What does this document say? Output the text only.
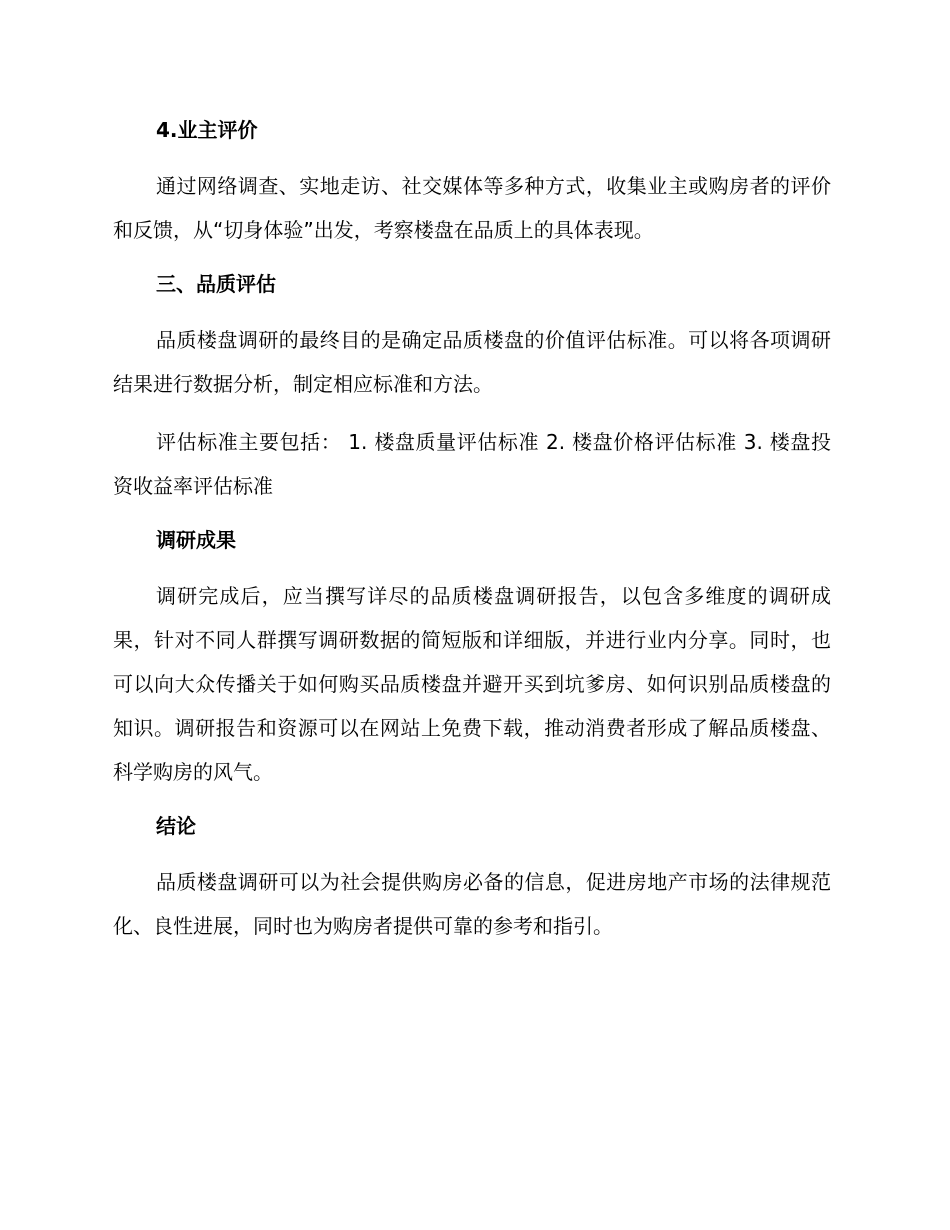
4.业主评价

通过网络调查、实地走访、社交媒体等多种方式，收集业主或购房者的评价和反馈，从“切身体验”出发，考察楼盘在品质上的具体表现。

三、品质评估

品质楼盘调研的最终目的是确定品质楼盘的价值评估标准。可以将各项调研结果进行数据分析，制定相应标准和方法。

评估标准主要包括： 1. 楼盘质量评估标准 2. 楼盘价格评估标准 3. 楼盘投资收益率评估标准

调研成果

调研完成后，应当撰写详尽的品质楼盘调研报告，以包含多维度的调研成果，针对不同人群撰写调研数据的简短版和详细版，并进行业内分享。同时，也可以向大众传播关于如何购买品质楼盘并避开买到坑爹房、如何识别品质楼盘的知识。调研报告和资源可以在网站上免费下载，推动消费者形成了解品质楼盘、科学购房的风气。

结论

品质楼盘调研可以为社会提供购房必备的信息，促进房地产市场的法律规范化、良性进展，同时也为购房者提供可靠的参考和指引。
